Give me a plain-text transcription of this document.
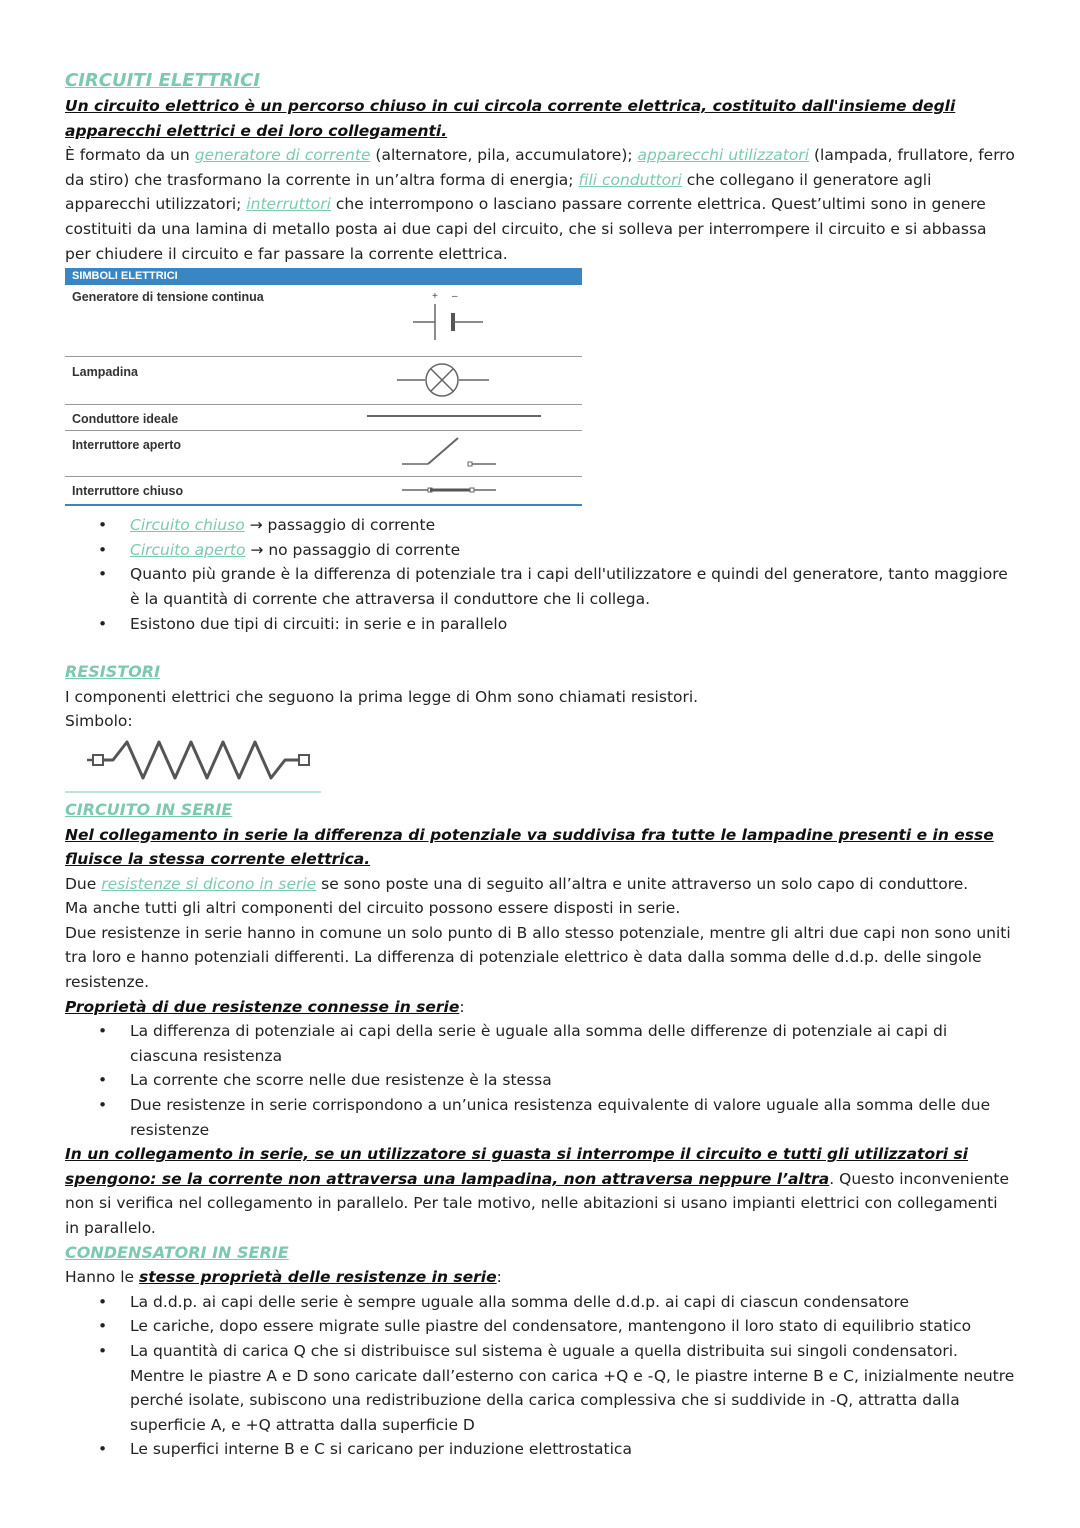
CIRCUITI ELETTRICI

Un circuito elettrico è un percorso chiuso in cui circola corrente elettrica, costituito dall'insieme degli apparecchi elettrici e dei loro collegamenti.

È formato da un generatore di corrente (alternatore, pila, accumulatore); apparecchi utilizzatori (lampada, frullatore, ferro da stiro) che trasformano la corrente in un’altra forma di energia; fili conduttori che collegano il generatore agli apparecchi utilizzatori; interruttori che interrompono o lasciano passare corrente elettrica. Quest’ultimi sono in genere costituiti da una lamina di metallo posta ai due capi del circuito, che si solleva per interrompere il circuito e si abbassa per chiudere il circuito e far passare la corrente elettrica.

SIMBOLI ELETTRICI
Generatore di tensione continua	+ –
Lampadina
Conduttore ideale
Interruttore aperto
Interruttore chiuso
• Circuito chiuso → passaggio di corrente
• Circuito aperto → no passaggio di corrente
• Quanto più grande è la differenza di potenziale tra i capi dell'utilizzatore e quindi del generatore, tanto maggiore è la quantità di corrente che attraversa il conduttore che li collega.
• Esistono due tipi di circuiti: in serie e in parallelo
RESISTORI

I componenti elettrici che seguono la prima legge di Ohm sono chiamati resistori.

Simbolo:

CIRCUITO IN SERIE

Nel collegamento in serie la differenza di potenziale va suddivisa fra tutte le lampadine presenti e in esse fluisce la stessa corrente elettrica.

Due resistenze si dicono in serie se sono poste una di seguito all’altra e unite attraverso un solo capo di conduttore.

Ma anche tutti gli altri componenti del circuito possono essere disposti in serie.

Due resistenze in serie hanno in comune un solo punto di B allo stesso potenziale, mentre gli altri due capi non sono uniti tra loro e hanno potenziali differenti. La differenza di potenziale elettrico è data dalla somma delle d.d.p. delle singole resistenze.

Proprietà di due resistenze connesse in serie:

• La differenza di potenziale ai capi della serie è uguale alla somma delle differenze di potenziale ai capi di ciascuna resistenza
• La corrente che scorre nelle due resistenze è la stessa
• Due resistenze in serie corrispondono a un’unica resistenza equivalente di valore uguale alla somma delle due resistenze

In un collegamento in serie, se un utilizzatore si guasta si interrompe il circuito e tutti gli utilizzatori si spengono: se la corrente non attraversa una lampadina, non attraversa neppure l’altra. Questo inconveniente non si verifica nel collegamento in parallelo. Per tale motivo, nelle abitazioni si usano impianti elettrici con collegamenti in parallelo.

CONDENSATORI IN SERIE

Hanno le stesse proprietà delle resistenze in serie:

• La d.d.p. ai capi delle serie è sempre uguale alla somma delle d.d.p. ai capi di ciascun condensatore
• Le cariche, dopo essere migrate sulle piastre del condensatore, mantengono il loro stato di equilibrio statico
• La quantità di carica Q che si distribuisce sul sistema è uguale a quella distribuita sui singoli condensatori. Mentre le piastre A e D sono caricate dall’esterno con carica +Q e -Q, le piastre interne B e C, inizialmente neutre perché isolate, subiscono una redistribuzione della carica complessiva che si suddivide in -Q, attratta dalla superficie A, e +Q attratta dalla superficie D
• Le superfici interne B e C si caricano per induzione elettrostatica
